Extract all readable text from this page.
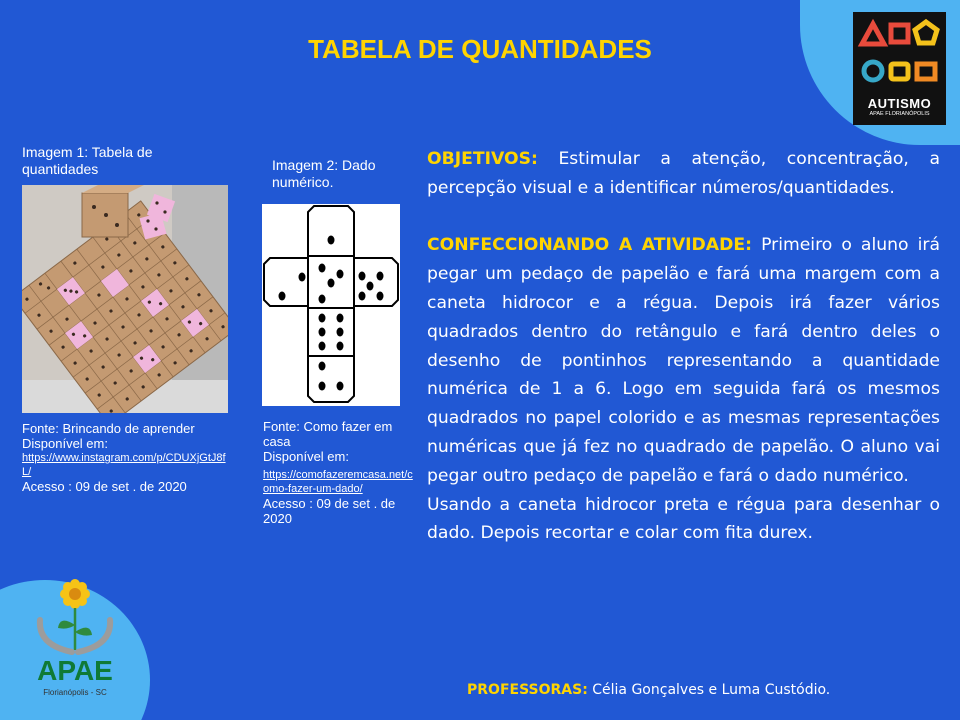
TABELA DE QUANTIDADES
AUTISMO
APAE FLORIANÓPOLIS
Imagem 1: Tabela de quantidades
Fonte: Brincando de aprender
Disponível em:
https://www.instagram.com/p/CDUXjGtJ8fL/
Acesso : 09 de set . de 2020
Imagem 2: Dado numérico.
Fonte: Como fazer em casa
Disponível em:
https://comofazeremcasa.net/como-fazer-um-dado/
Acesso : 09 de set . de 2020

OBJETIVOS: Estimular a atenção, concentração, a percepção visual e a identificar números/quantidades.

CONFECCIONANDO A ATIVIDADE: Primeiro o aluno irá pegar um pedaço de papelão e fará uma margem com a caneta hidrocor e a régua. Depois irá fazer vários quadrados dentro do retângulo e fará dentro deles o desenho de pontinhos representando a quantidade numérica de 1 a 6. Logo em seguida fará os mesmos quadrados no papel colorido e as mesmas representações numéricas que já fez no quadrado de papelão. O aluno vai pegar outro pedaço de papelão e fará o dado numérico.

Usando a caneta hidrocor preta e régua para desenhar o dado. Depois recortar e colar com fita durex.

PROFESSORAS: Célia Gonçalves e Luma Custódio.
APAE
Florianópolis - SC
